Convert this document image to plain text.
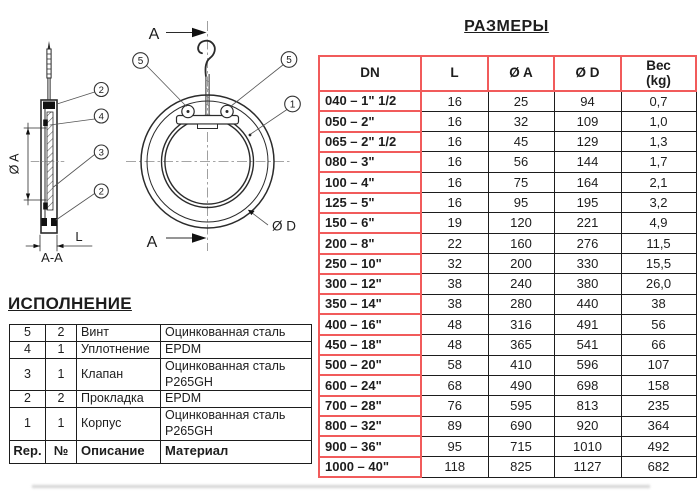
Ø A
L
A-A
2
4
3
2
A
A
5	5
1
Ø D
РАЗМЕРЫ
DN	L	Ø A	Ø D	Вес
(kg)

040 – 1" 1/2	16	25	94	0,7
050 – 2"	16	32	109	1,0
065 – 2" 1/2	16	45	129	1,3
080 – 3"	16	56	144	1,7
100 – 4"	16	75	164	2,1
125 – 5"	16	95	195	3,2
150 – 6"	19	120	221	4,9
200 – 8"	22	160	276	11,5
250 – 10"	32	200	330	15,5
300 – 12"	38	240	380	26,0
350 – 14"	38	280	440	38
400 – 16"	48	316	491	56
450 – 18"	48	365	541	66
500 – 20"	58	410	596	107
600 – 24"	68	490	698	158
700 – 28"	76	595	813	235
800 – 32"	89	690	920	364
900 – 36"	95	715	1010	492
1000 – 40"	118	825	1127	682
ИСПОЛНЕНИЕ
5	2	Винт	Оцинкованная сталь
4	1	Уплотнение	EPDM
3	1	Клапан	Оцинкованная сталь P265GH
2	2	Прокладка	EPDM
1	1	Корпус	Оцинкованная сталь P265GH
Rep.	№	Описание	Материал
